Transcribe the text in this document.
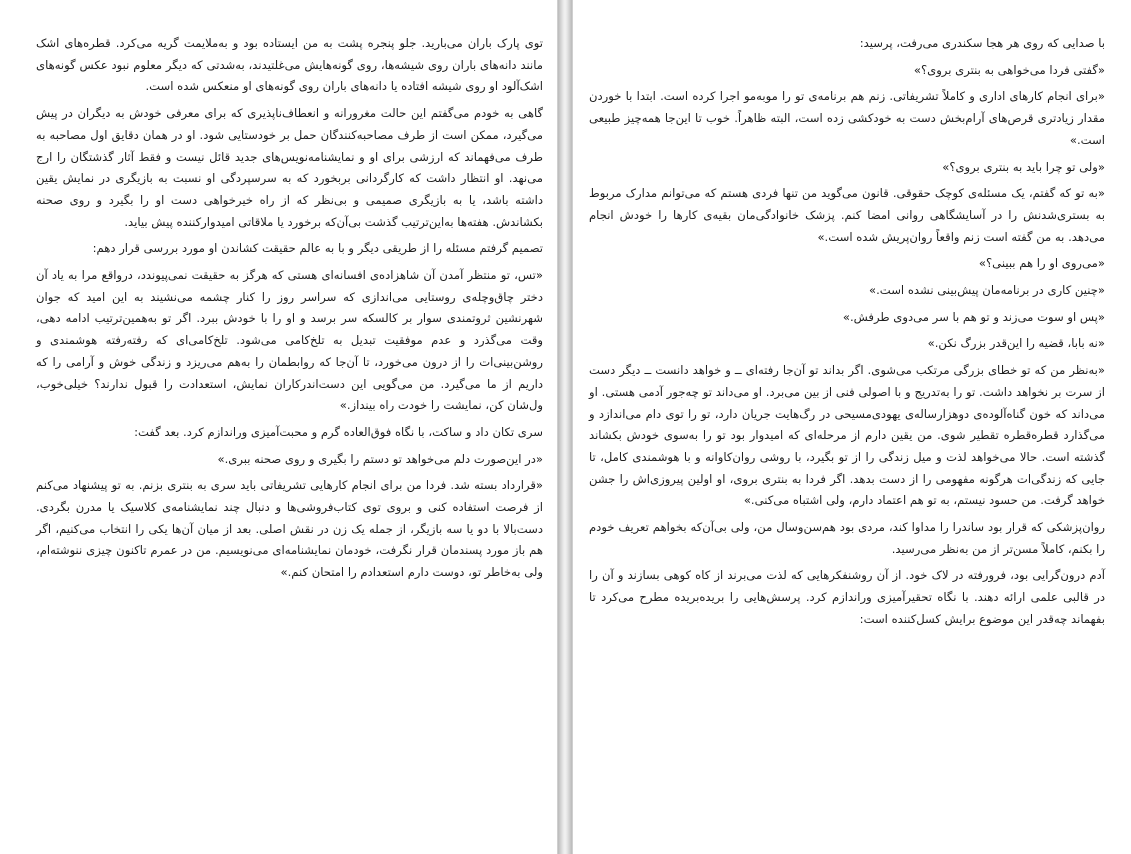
توی پارک باران می‌بارید. جلو پنجره پشت به من ایستاده بود و به‌ملایمت گریه می‌کرد. قطره‌های اشک مانند دانه‌های باران روی شیشه‌ها، روی گونه‌هایش می‌غلتیدند، به‌شدتی که دیگر معلوم نبود عکس گونه‌های اشک‌آلود او روی شیشه افتاده یا دانه‌های باران روی گونه‌های او منعکس شده است.

گاهی به خودم می‌گفتم این حالت مغرورانه و انعطاف‌ناپذیری که برای معرفی خودش به دیگران در پیش می‌گیرد، ممکن است از طرف مصاحبه‌کنندگان حمل بر خودستایی شود. او در همان دقایق اول مصاحبه به طرف می‌فهماند که ارزشی برای او و نمایشنامه‌نویس‌های جدید قائل نیست و فقط آثار گذشتگان را ارج می‌نهد. او انتظار داشت که کارگردانی بربخورد که به سرسپردگی او نسبت به بازیگری در نمایش یقین داشته باشد، یا به بازیگری صمیمی و بی‌نظر که از راه خیرخواهی دست او را بگیرد و روی صحنه بکشاندش. هفته‌ها به‌این‌ترتیب گذشت بی‌آن‌که برخورد یا ملاقاتی امیدوارکننده پیش بیاید.

تصمیم گرفتم مسئله را از طریقی دیگر و با به عالم حقیقت کشاندن او مورد بررسی قرار دهم:

«تس، تو منتظر آمدن آن شاهزاده‌ی افسانه‌ای هستی که هرگز به حقیقت نمی‌پیوندد، درواقع مرا به یاد آن دختر چاق‌وچله‌ی روستایی می‌اندازی که سراسر روز را کنار چشمه می‌نشیند به این امید که جوان شهرنشین ثروتمندی سوار بر کالسکه سر برسد و او را با خودش ببرد. اگر تو به‌همین‌ترتیب ادامه دهی، وقت می‌گذرد و عدم موفقیت تبدیل به تلخ‌کامی می‌شود. تلخ‌کامی‌ای که رفته‌رفته هوشمندی و روشن‌بینی‌ات را از درون می‌خورد، تا آن‌جا که روابطمان را به‌هم می‌ریزد و زندگی خوش و آرامی را که داریم از ما می‌گیرد. من می‌گویی این دست‌اندرکاران نمایش، استعدادت را قبول ندارند؟ خیلی‌خوب، ول‌شان کن، نمایشت را خودت راه بینداز.»

سری تکان داد و ساکت، با نگاه فوق‌العاده گرم و محبت‌آمیزی وراندازم کرد. بعد گفت:

«در این‌صورت دلم می‌خواهد تو دستم را بگیری و روی صحنه ببری.»

«قرارداد بسته شد. فردا من برای انجام کارهایی تشریفاتی باید سری به بنتری بزنم. به تو پیشنهاد می‌کنم از فرصت استفاده کنی و بروی توی کتاب‌فروشی‌ها و دنبال چند نمایشنامه‌ی کلاسیک یا مدرن بگردی. دست‌بالا با دو یا سه بازیگر، از جمله یک زن در نقش اصلی. بعد از میان آن‌ها یکی را انتخاب می‌کنیم، اگر هم باز مورد پسندمان قرار نگرفت، خودمان نمایشنامه‌ای می‌نویسیم. من در عمرم تاکنون چیزی ننوشته‌ام، ولی به‌خاطر تو، دوست دارم استعدادم را امتحان کنم.»

با صدایی که روی هر هجا سکندری می‌رفت، پرسید:

«گفتی فردا می‌خواهی به بنتری بروی؟»

«برای انجام کارهای اداری و کاملاً تشریفاتی. زنم هم برنامه‌ی تو را موبه‌مو اجرا کرده است. ابتدا با خوردن مقدار زیادتری قرص‌های آرام‌بخش دست به خودکشی زده است، البته ظاهراً. خوب تا این‌جا همه‌چیز طبیعی است.»

«ولی تو چرا باید به بنتری بروی؟»

«به تو که گفتم، یک مسئله‌ی کوچک حقوقی. قانون می‌گوید من تنها فردی هستم که می‌توانم مدارک مربوط به بستری‌شدنش را در آسایشگاهی روانی امضا کنم. پزشک خانوادگی‌مان بقیه‌ی کارها را خودش انجام می‌دهد. به من گفته است زنم واقعاً روان‌پریش شده است.»

«می‌روی او را هم ببینی؟»

«چنین کاری در برنامه‌مان پیش‌بینی نشده است.»

«پس او سوت می‌زند و تو هم با سر می‌دوی طرفش.»

«نه بابا، قضیه را این‌قدر بزرگ نکن.»

«به‌نظر من که تو خطای بزرگی مرتکب می‌شوی. اگر بداند تو آن‌جا رفته‌ای ــ و خواهد دانست ــ دیگر دست از سرت بر نخواهد داشت. تو را به‌تدریج و با اصولی فنی از بین می‌برد. او می‌داند تو چه‌جور آدمی هستی. او می‌داند که خون گناه‌آلوده‌ی دوهزارساله‌ی یهودی‌مسیحی در رگ‌هایت جریان دارد، تو را توی دام می‌اندازد و می‌گذارد قطره‌قطره تقطیر شوی. من یقین دارم از مرحله‌ای که امیدوار بود تو را به‌سوی خودش بکشاند گذشته است. حالا می‌خواهد لذت و میل زندگی را از تو بگیرد، با روشی روان‌کاوانه و با هوشمندی کامل، تا جایی که زندگی‌ات هرگونه مفهومی را از دست بدهد. اگر فردا به بنتری بروی، او اولین پیروزی‌اش را جشن خواهد گرفت. من حسود نیستم، به تو هم اعتماد دارم، ولی اشتباه می‌کنی.»

روان‌پزشکی که قرار بود ساندرا را مداوا کند، مردی بود هم‌سن‌وسال من، ولی بی‌آن‌که بخواهم تعریف خودم را بکنم، کاملاً مسن‌تر از من به‌نظر می‌رسید.

آدم درون‌گرایی بود، فرورفته در لاک خود. از آن روشنفکرهایی که لذت می‌برند از کاه کوهی بسازند و آن را در قالبی علمی ارائه دهند. با نگاه تحقیرآمیزی وراندازم کرد. پرسش‌هایی را بریده‌بریده مطرح می‌کرد تا بفهماند چه‌قدر این موضوع برایش کسل‌کننده است:
